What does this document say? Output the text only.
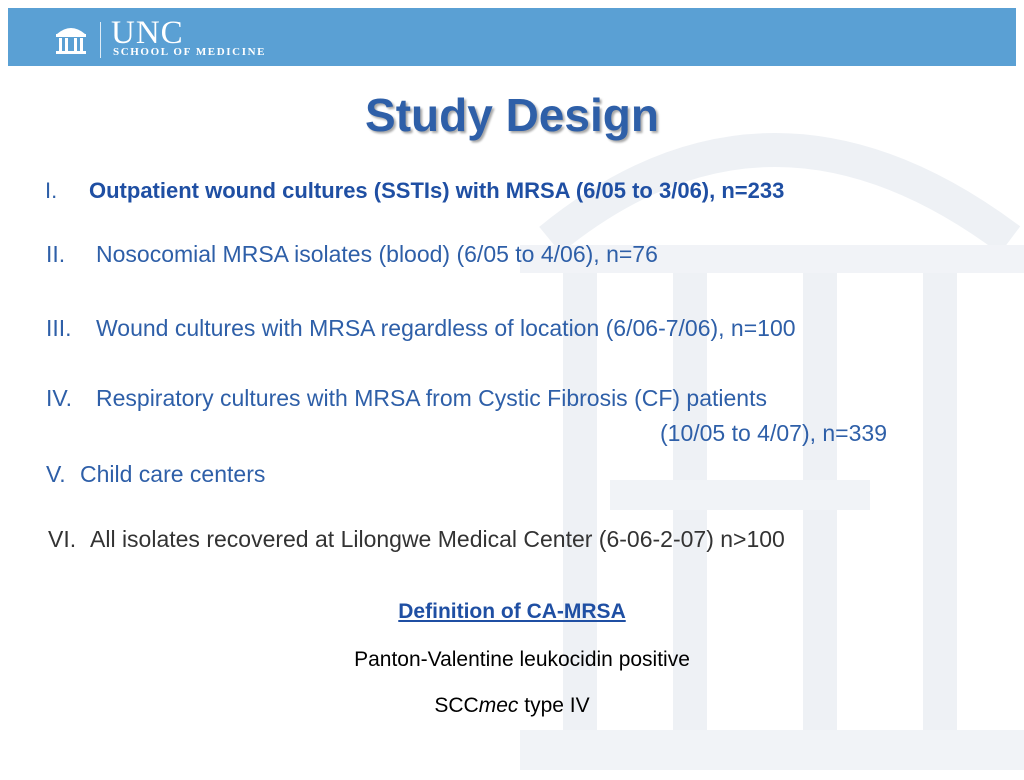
UNC
SCHOOL OF MEDICINE
Study Design
I. Outpatient wound cultures (SSTIs) with MRSA (6/05 to 3/06), n=233
II. Nosocomial MRSA isolates (blood) (6/05 to 4/06), n=76
III. Wound cultures with MRSA regardless of location (6/06-7/06), n=100
IV. Respiratory cultures with MRSA from Cystic Fibrosis (CF) patients
(10/05 to 4/07), n=339
V. Child care centers
VI. All isolates recovered at Lilongwe Medical Center (6-06-2-07) n>100
Definition of CA-MRSA
Panton-Valentine leukocidin positive
SCCmec type IV
